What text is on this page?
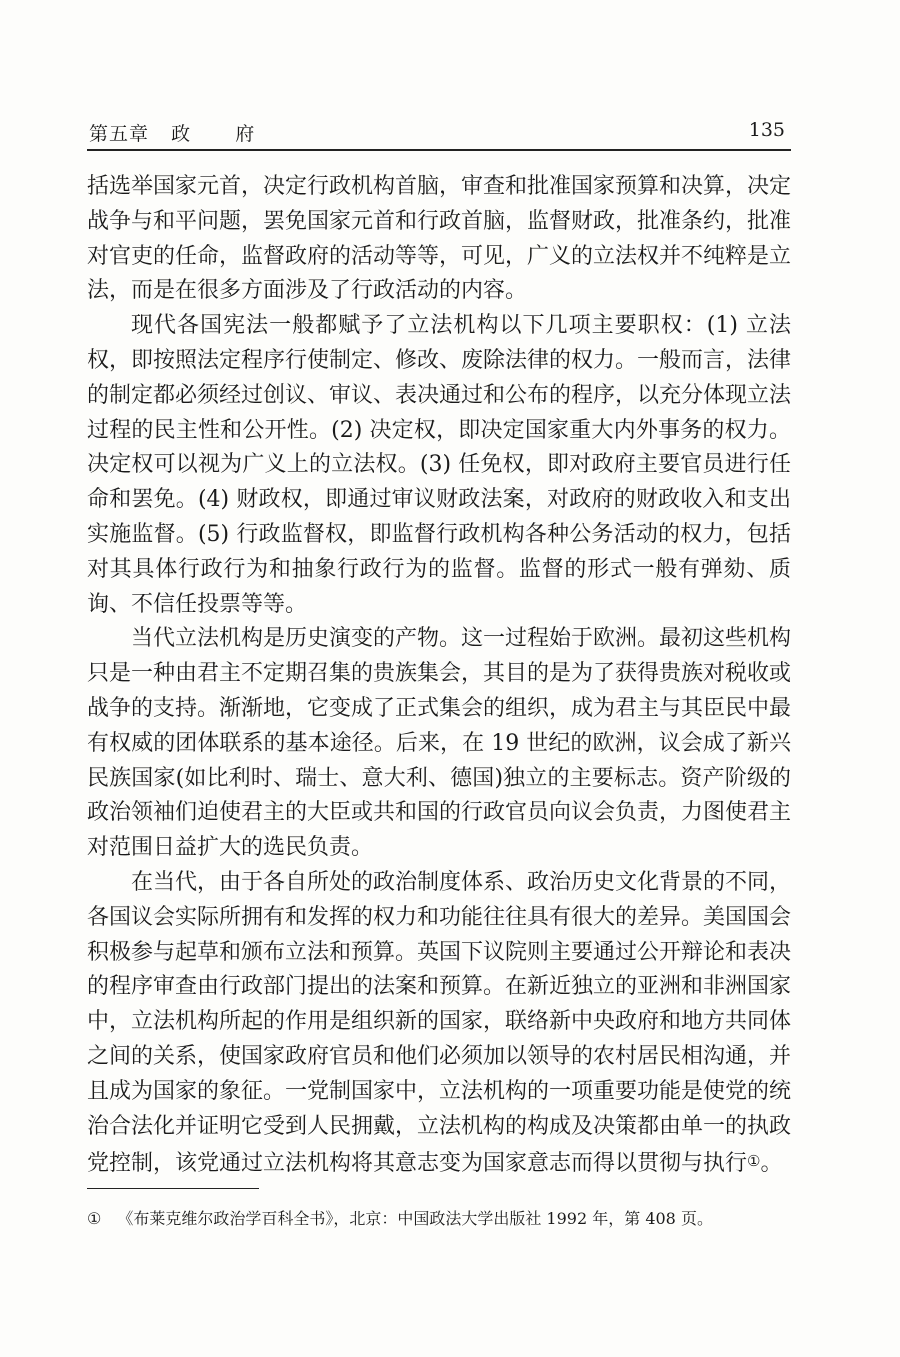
第五章  政    府	135

括选举国家元首，决定行政机构首脑，审查和批准国家预算和决算，决定战争与和平问题，罢免国家元首和行政首脑，监督财政，批准条约，批准对官吏的任命，监督政府的活动等等，可见，广义的立法权并不纯粹是立法，而是在很多方面涉及了行政活动的内容。

现代各国宪法一般都赋予了立法机构以下几项主要职权：(1) 立法权，即按照法定程序行使制定、修改、废除法律的权力。一般而言，法律的制定都必须经过创议、审议、表决通过和公布的程序，以充分体现立法过程的民主性和公开性。(2) 决定权，即决定国家重大内外事务的权力。决定权可以视为广义上的立法权。(3) 任免权，即对政府主要官员进行任命和罢免。(4) 财政权，即通过审议财政法案，对政府的财政收入和支出实施监督。(5) 行政监督权，即监督行政机构各种公务活动的权力，包括对其具体行政行为和抽象行政行为的监督。监督的形式一般有弹劾、质询、不信任投票等等。

当代立法机构是历史演变的产物。这一过程始于欧洲。最初这些机构只是一种由君主不定期召集的贵族集会，其目的是为了获得贵族对税收或战争的支持。渐渐地，它变成了正式集会的组织，成为君主与其臣民中最有权威的团体联系的基本途径。后来，在 19 世纪的欧洲，议会成了新兴民族国家(如比利时、瑞士、意大利、德国)独立的主要标志。资产阶级的政治领袖们迫使君主的大臣或共和国的行政官员向议会负责，力图使君主对范围日益扩大的选民负责。

在当代，由于各自所处的政治制度体系、政治历史文化背景的不同，各国议会实际所拥有和发挥的权力和功能往往具有很大的差异。美国国会积极参与起草和颁布立法和预算。英国下议院则主要通过公开辩论和表决的程序审查由行政部门提出的法案和预算。在新近独立的亚洲和非洲国家中，立法机构所起的作用是组织新的国家，联络新中央政府和地方共同体之间的关系，使国家政府官员和他们必须加以领导的农村居民相沟通，并且成为国家的象征。一党制国家中，立法机构的一项重要功能是使党的统治合法化并证明它受到人民拥戴，立法机构的构成及决策都由单一的执政党控制，该党通过立法机构将其意志变为国家意志而得以贯彻与执行①。

① 《布莱克维尔政治学百科全书》，北京：中国政法大学出版社 1992 年，第 408 页。
